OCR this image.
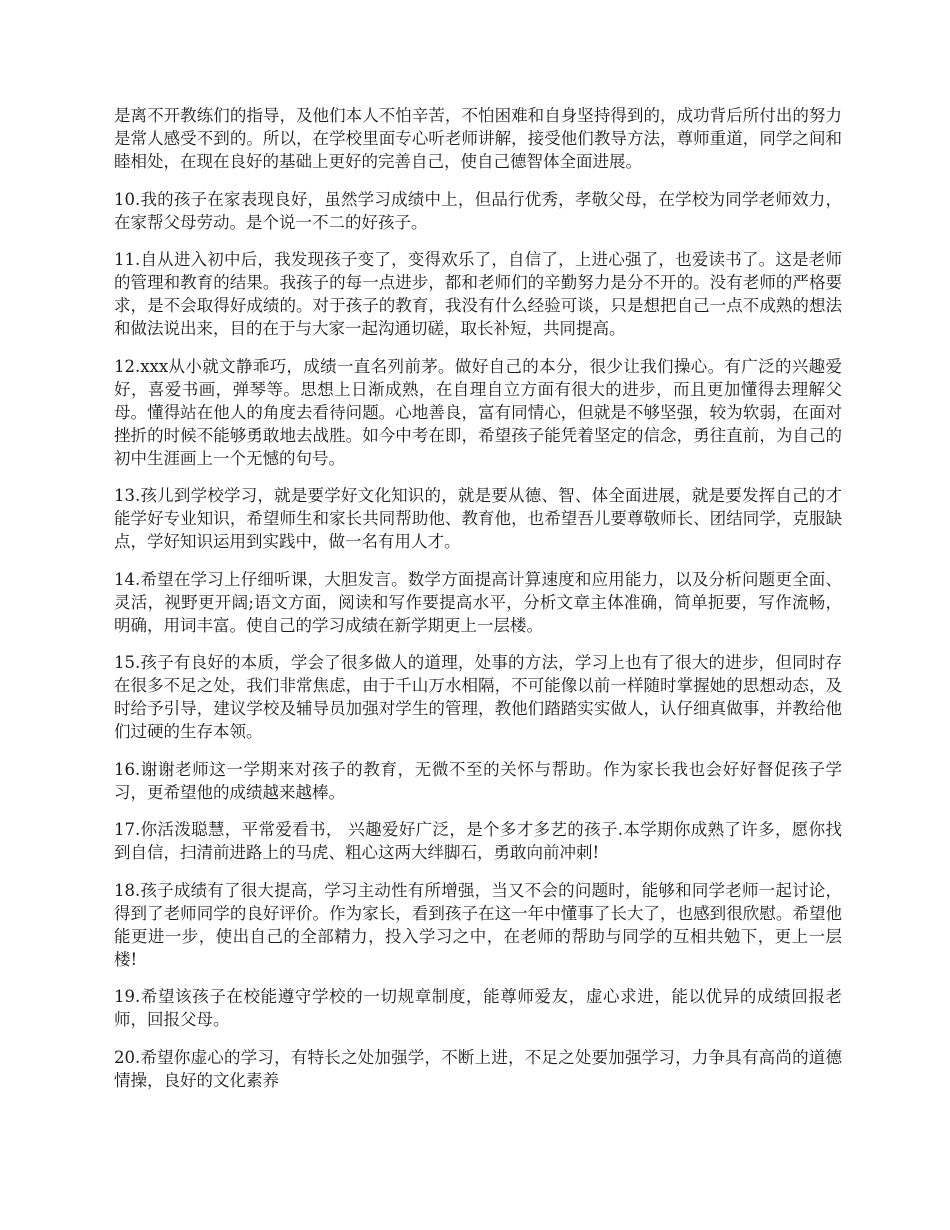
是离不开教练们的指导，及他们本人不怕辛苦，不怕困难和自身坚持得到的，成功背后所付出的努力是常人感受不到的。所以，在学校里面专心听老师讲解，接受他们教导方法，尊师重道，同学之间和睦相处，在现在良好的基础上更好的完善自己，使自己德智体全面进展。

10.我的孩子在家表现良好，虽然学习成绩中上，但品行优秀，孝敬父母，在学校为同学老师效力，在家帮父母劳动。是个说一不二的好孩子。

11.自从进入初中后，我发现孩子变了，变得欢乐了，自信了，上进心强了，也爱读书了。这是老师的管理和教育的结果。我孩子的每一点进步，都和老师们的辛勤努力是分不开的。没有老师的严格要求，是不会取得好成绩的。对于孩子的教育，我没有什么经验可谈，只是想把自己一点不成熟的想法和做法说出来，目的在于与大家一起沟通切磋，取长补短，共同提高。

12.xxx从小就文静乖巧，成绩一直名列前茅。做好自己的本分，很少让我们操心。有广泛的兴趣爱好，喜爱书画，弹琴等。思想上日渐成熟，在自理自立方面有很大的进步，而且更加懂得去理解父母。懂得站在他人的角度去看待问题。心地善良，富有同情心，但就是不够坚强，较为软弱，在面对挫折的时候不能够勇敢地去战胜。如今中考在即，希望孩子能凭着坚定的信念，勇往直前，为自己的初中生涯画上一个无憾的句号。

13.孩儿到学校学习，就是要学好文化知识的，就是要从德、智、体全面进展，就是要发挥自己的才能学好专业知识，希望师生和家长共同帮助他、教育他，也希望吾儿要尊敬师长、团结同学，克服缺点，学好知识运用到实践中，做一名有用人才。

14.希望在学习上仔细听课，大胆发言。数学方面提高计算速度和应用能力，以及分析问题更全面、灵活，视野更开阔;语文方面，阅读和写作要提高水平，分析文章主体准确，简单扼要，写作流畅，明确，用词丰富。使自己的学习成绩在新学期更上一层楼。

15.孩子有良好的本质，学会了很多做人的道理，处事的方法，学习上也有了很大的进步，但同时存在很多不足之处，我们非常焦虑，由于千山万水相隔，不可能像以前一样随时掌握她的思想动态，及时给予引导，建议学校及辅导员加强对学生的管理，教他们踏踏实实做人，认仔细真做事，并教给他们过硬的生存本领。

16.谢谢老师这一学期来对孩子的教育，无微不至的关怀与帮助。作为家长我也会好好督促孩子学习，更希望他的成绩越来越棒。

17.你活泼聪慧，平常爱看书， 兴趣爱好广泛，是个多才多艺的孩子.本学期你成熟了许多，愿你找到自信，扫清前进路上的马虎、粗心这两大绊脚石，勇敢向前冲刺!

18.孩子成绩有了很大提高，学习主动性有所增强，当又不会的问题时，能够和同学老师一起讨论，得到了老师同学的良好评价。作为家长，看到孩子在这一年中懂事了长大了，也感到很欣慰。希望他能更进一步，使出自己的全部精力，投入学习之中，在老师的帮助与同学的互相共勉下，更上一层楼!

19.希望该孩子在校能遵守学校的一切规章制度，能尊师爱友，虚心求进，能以优异的成绩回报老师，回报父母。

20.希望你虚心的学习，有特长之处加强学，不断上进，不足之处要加强学习，力争具有高尚的道德情操，良好的文化素养
